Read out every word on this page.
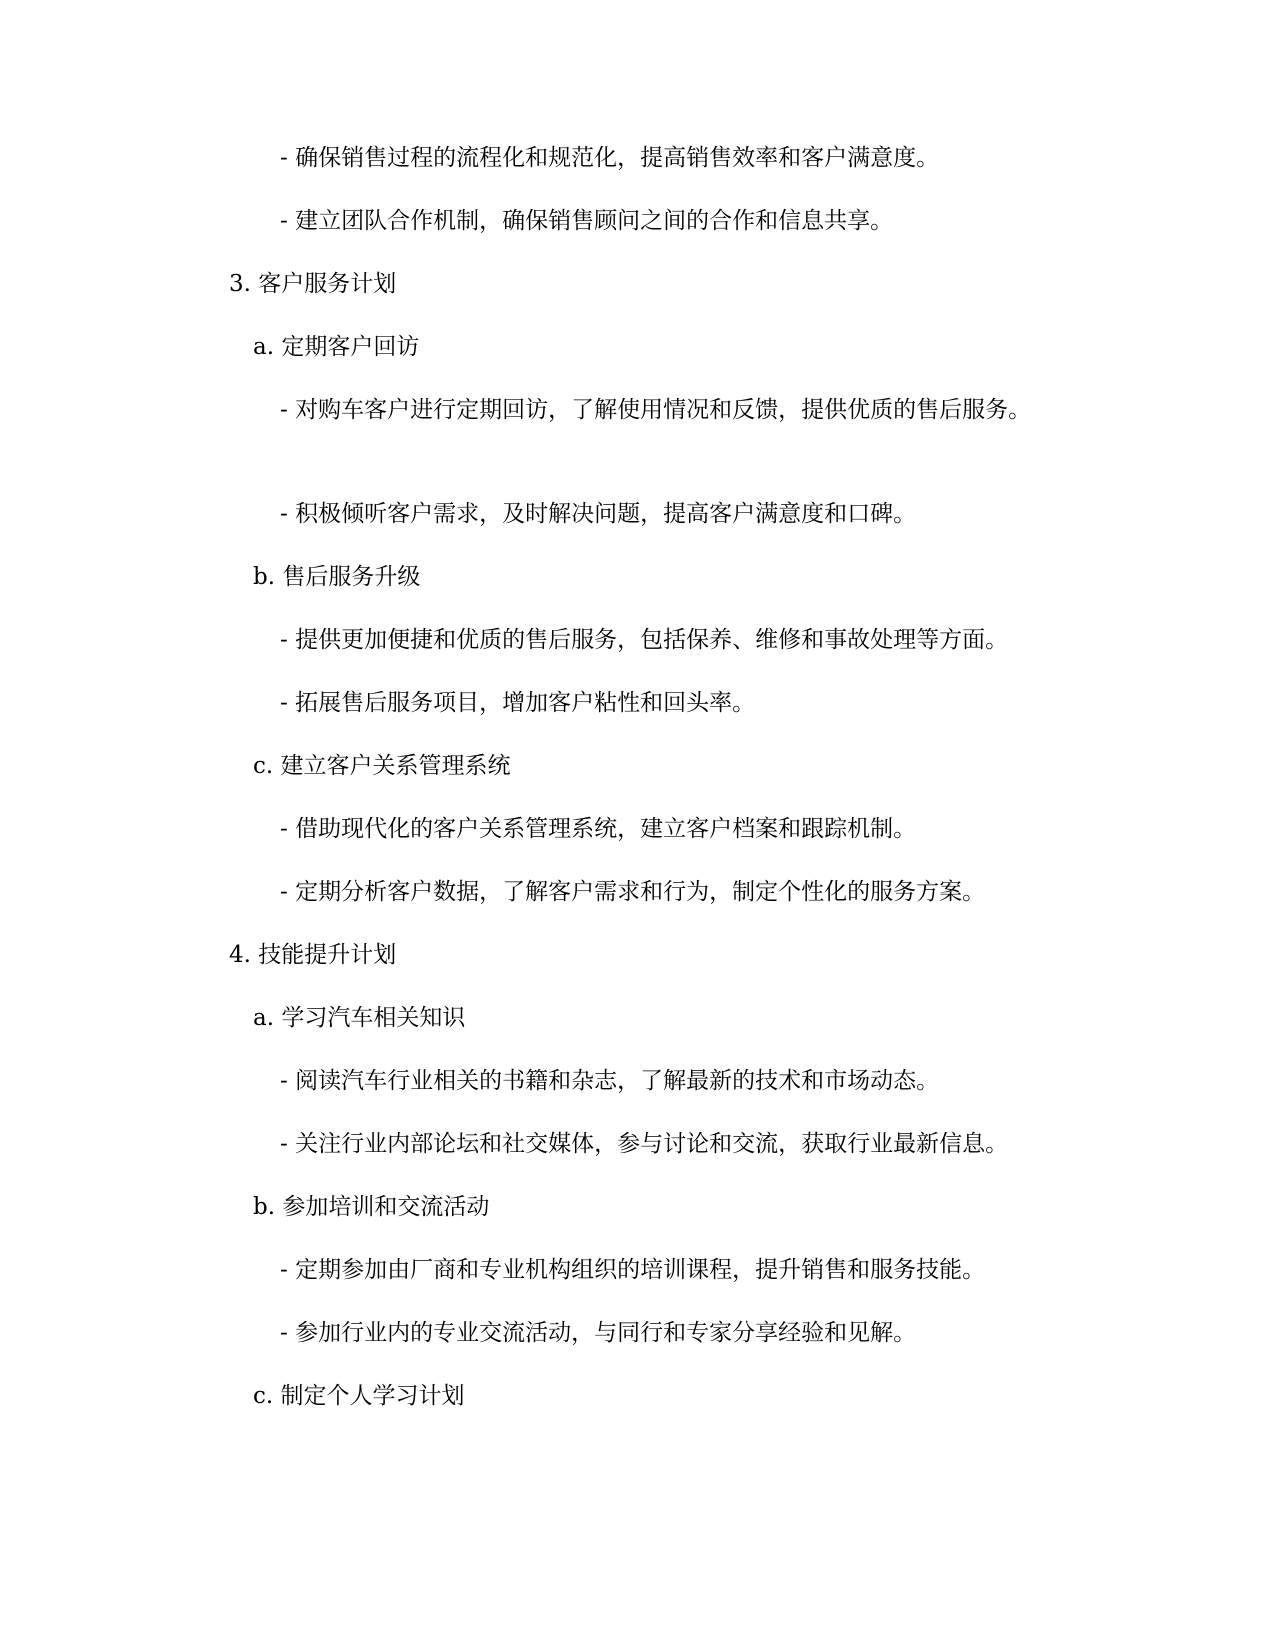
- 确保销售过程的流程化和规范化，提高销售效率和客户满意度。

- 建立团队合作机制，确保销售顾问之间的合作和信息共享。

3. 客户服务计划

a. 定期客户回访

- 对购车客户进行定期回访，了解使用情况和反馈，提供优质的售后服务。

- 积极倾听客户需求，及时解决问题，提高客户满意度和口碑。

b. 售后服务升级

- 提供更加便捷和优质的售后服务，包括保养、维修和事故处理等方面。

- 拓展售后服务项目，增加客户粘性和回头率。

c. 建立客户关系管理系统

- 借助现代化的客户关系管理系统，建立客户档案和跟踪机制。

- 定期分析客户数据，了解客户需求和行为，制定个性化的服务方案。

4. 技能提升计划

a. 学习汽车相关知识

- 阅读汽车行业相关的书籍和杂志，了解最新的技术和市场动态。

- 关注行业内部论坛和社交媒体，参与讨论和交流，获取行业最新信息。

b. 参加培训和交流活动

- 定期参加由厂商和专业机构组织的培训课程，提升销售和服务技能。

- 参加行业内的专业交流活动，与同行和专家分享经验和见解。

c. 制定个人学习计划
